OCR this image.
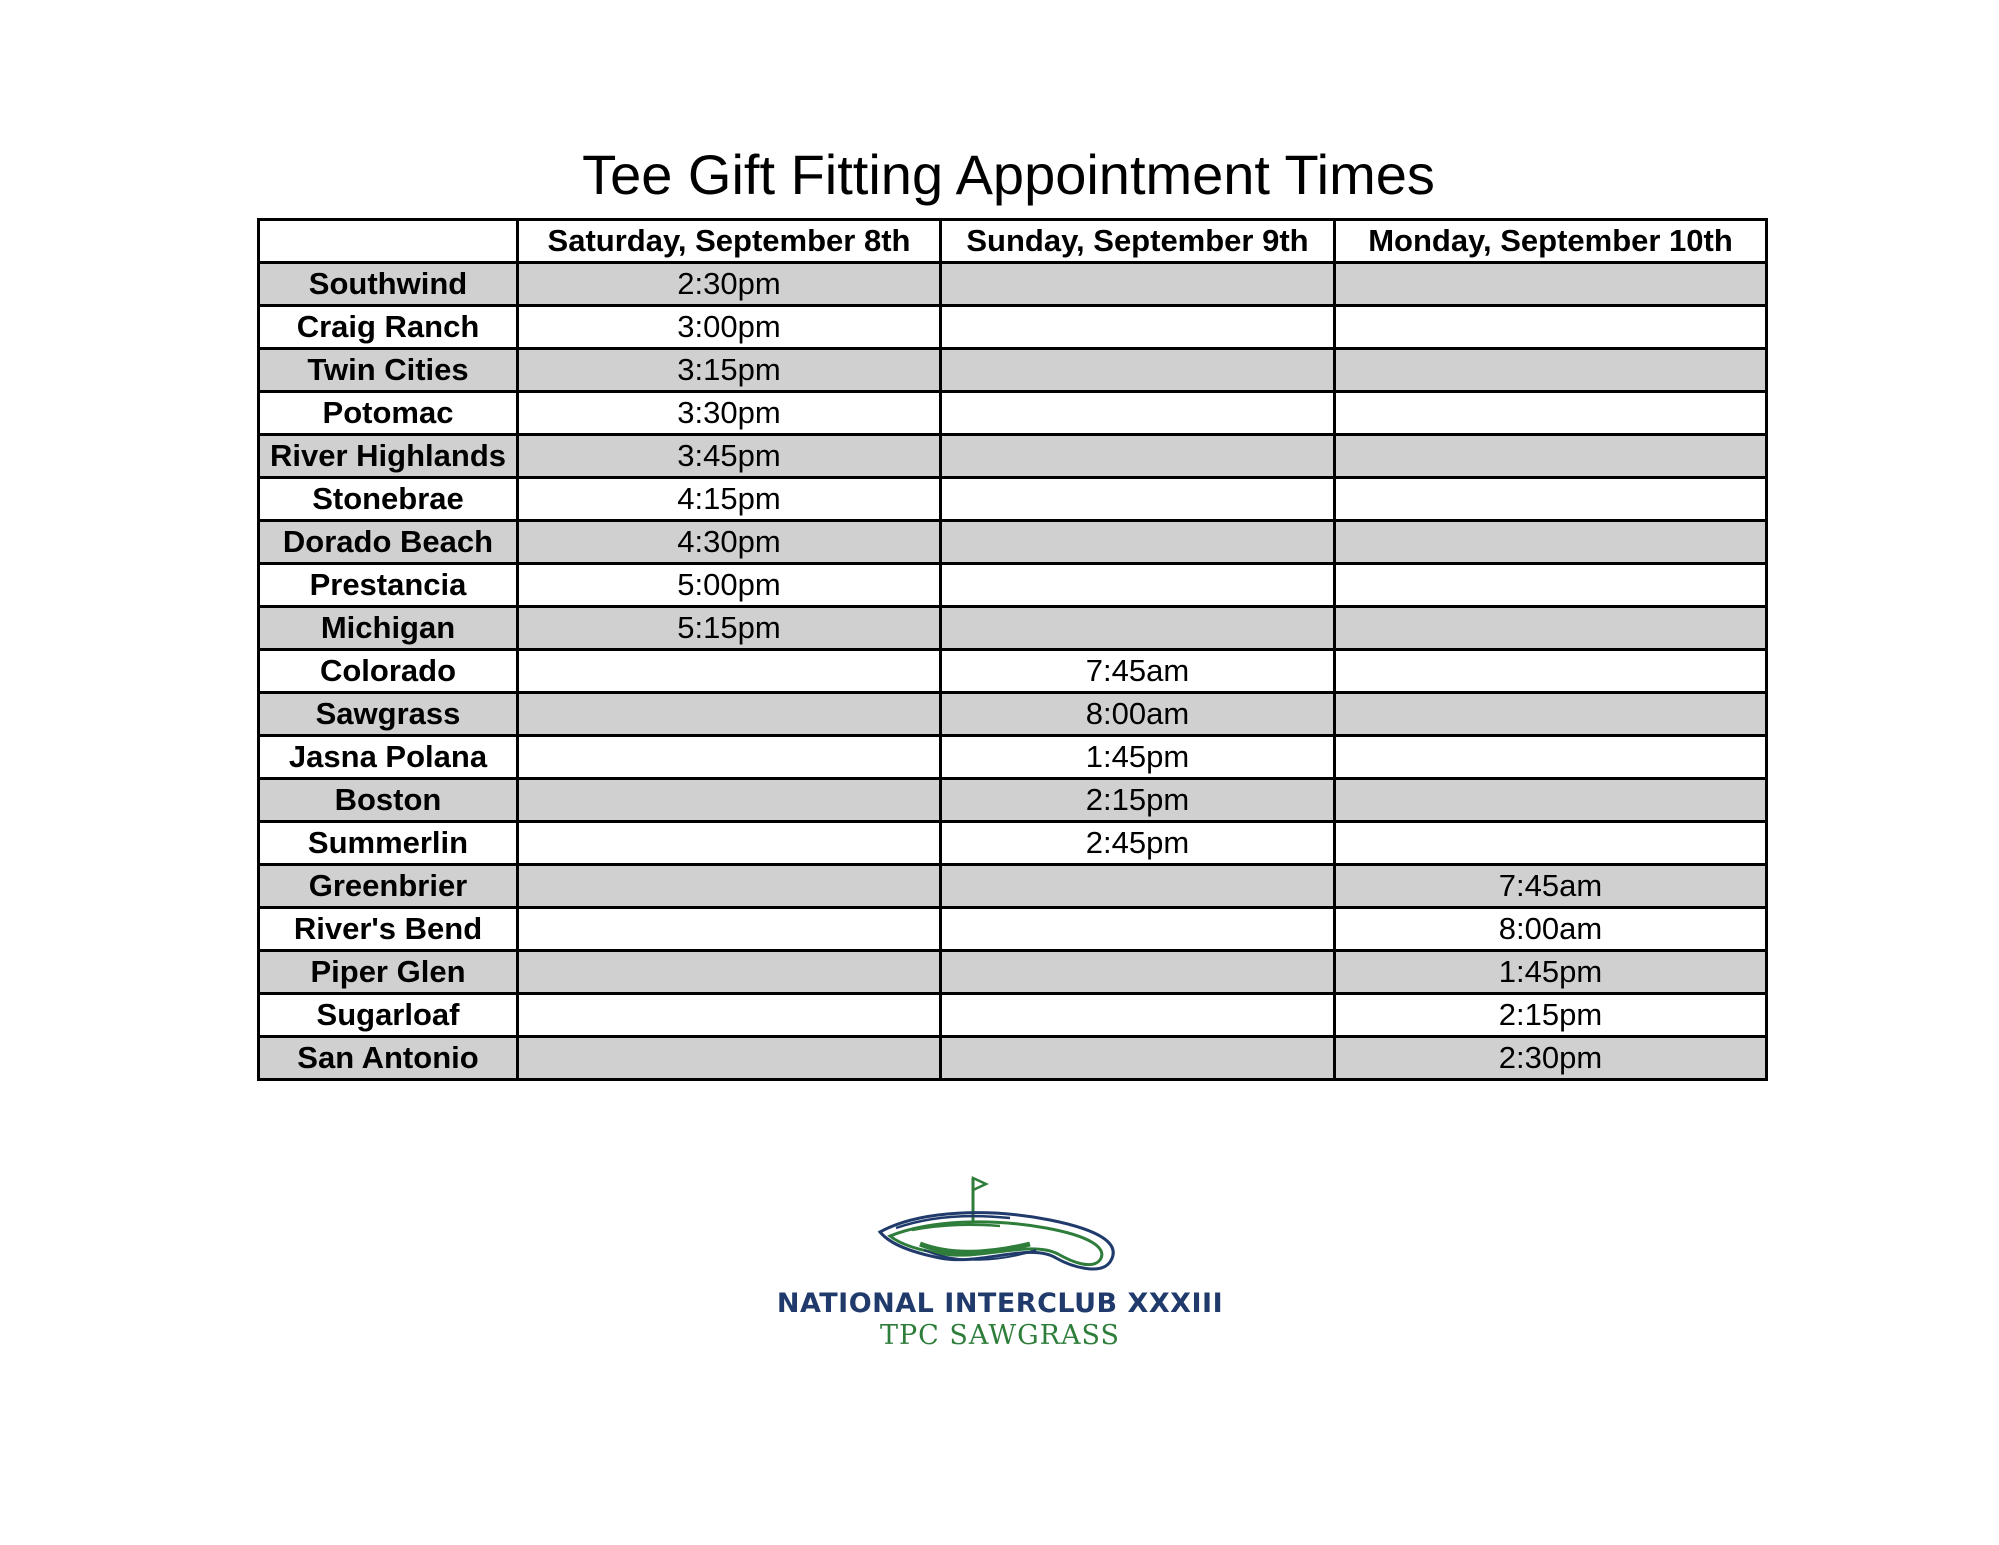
Tee Gift Fitting Appointment Times
	Saturday, September 8th	Sunday, September 9th	Monday, September 10th
Southwind	2:30pm		
Craig Ranch	3:00pm		
Twin Cities	3:15pm		
Potomac	3:30pm		
River Highlands	3:45pm		
Stonebrae	4:15pm		
Dorado Beach	4:30pm		
Prestancia	5:00pm		
Michigan	5:15pm		
Colorado		7:45am	
Sawgrass		8:00am	
Jasna Polana		1:45pm	
Boston		2:15pm	
Summerlin		2:45pm	
Greenbrier			7:45am
River's Bend			8:00am
Piper Glen			1:45pm
Sugarloaf			2:15pm
San Antonio			2:30pm
NATIONAL INTERCLUB XXXIII
TPC SAWGRASS
